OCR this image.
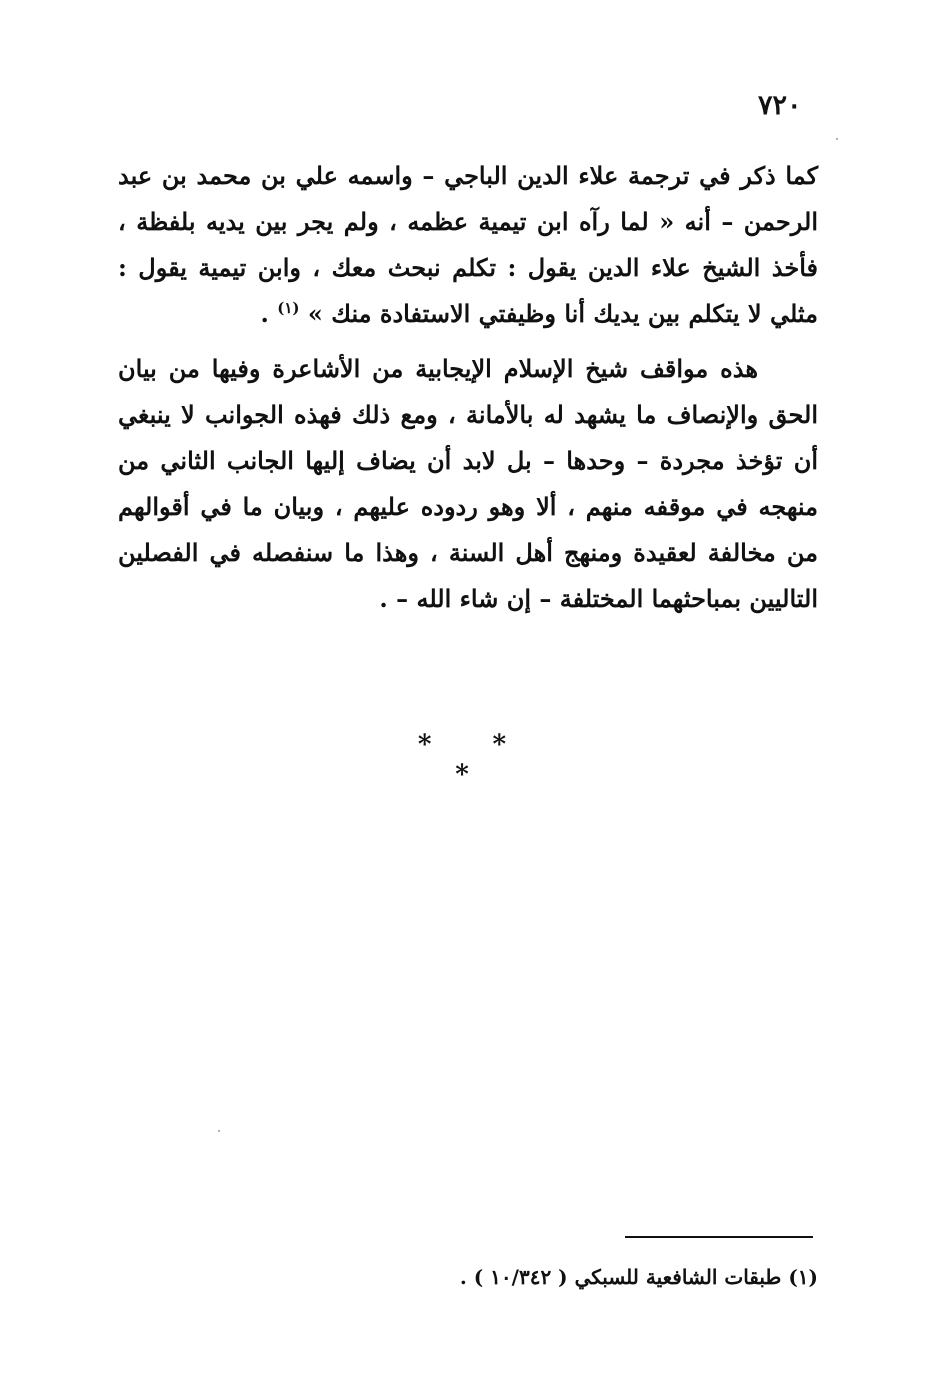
٧٢٠

كما ذكر في ترجمة علاء الدين الباجي – واسمه علي بن محمد بن عبد الرحمن – أنه « لما رآه ابن تيمية عظمه ، ولم يجر بين يديه بلفظة ، فأخذ الشيخ علاء الدين يقول : تكلم نبحث معك ، وابن تيمية يقول : مثلي لا يتكلم بين يديك أنا وظيفتي الاستفادة منك » $^{(١)}$ .

هذه مواقف شيخ الإسلام الإيجابية من الأشاعرة وفيها من بيان الحق والإنصاف ما يشهد له بالأمانة ، ومع ذلك فهذه الجوانب لا ينبغي أن تؤخذ مجردة – وحدها – بل لابد أن يضاف إليها الجانب الثاني من منهجه في موقفه منهم ، ألا وهو ردوده عليهم ، وبيان ما في أقوالهم من مخالفة لعقيدة ومنهج أهل السنة ، وهذا ما سنفصله في الفصلين التاليين بمباحثهما المختلفة – إن شاء الله – .

* * *
(١) طبقات الشافعية للسبكي ( ١٠/٣٤٢ ) .
